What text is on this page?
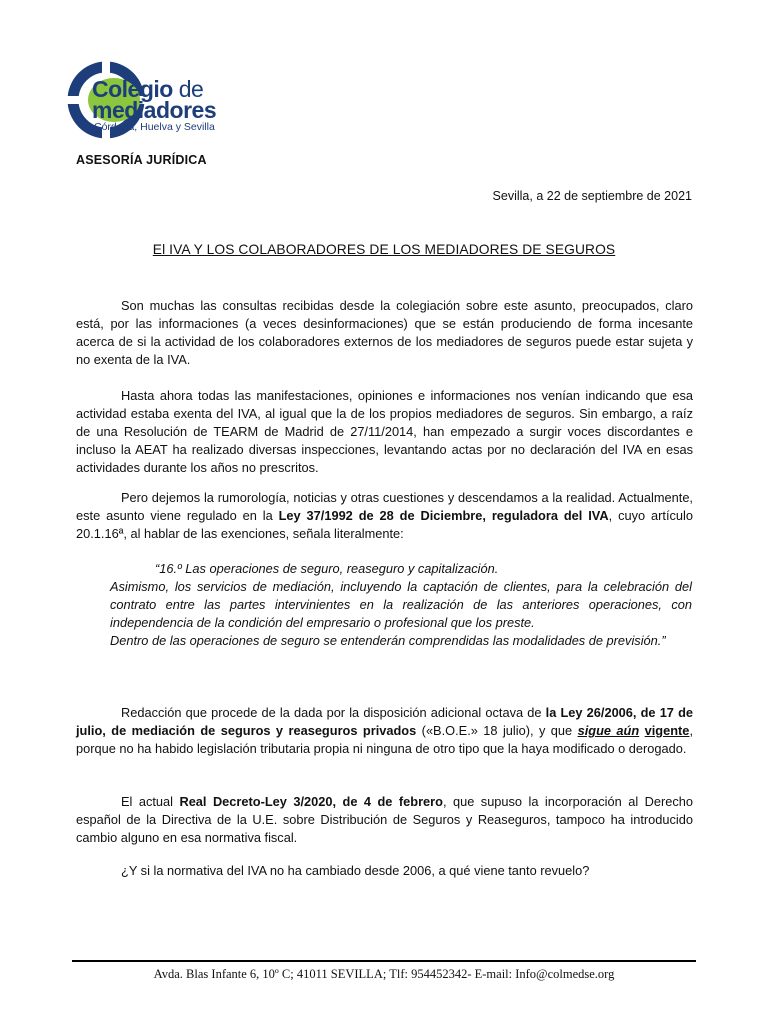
Colegio de
mediadores
Córdoba, Huelva y Sevilla
ASESORÍA JURÍDICA
Sevilla, a 22 de septiembre de 2021
El IVA Y LOS COLABORADORES DE LOS MEDIADORES DE SEGUROS
Son muchas las consultas recibidas desde la colegiación sobre este asunto, preocupados, claro está, por las informaciones (a veces desinformaciones) que se están produciendo de forma incesante acerca de si la actividad de los colaboradores externos de los mediadores de seguros puede estar sujeta y no exenta de la IVA.
Hasta ahora todas las manifestaciones, opiniones e informaciones nos venían indicando que esa actividad estaba exenta del IVA, al igual que la de los propios mediadores de seguros. Sin embargo, a raíz de una Resolución de TEARM de Madrid de 27/11/2014, han empezado a surgir voces discordantes e incluso la AEAT ha realizado diversas inspecciones, levantando actas por no declaración del IVA en esas actividades durante los años no prescritos.
Pero dejemos la rumorología, noticias y otras cuestiones y descendamos a la realidad. Actualmente, este asunto viene regulado en la Ley 37/1992 de 28 de Diciembre, reguladora del IVA, cuyo artículo 20.1.16ª, al hablar de las exenciones, señala literalmente:
“16.º Las operaciones de seguro, reaseguro y capitalización.
Asimismo, los servicios de mediación, incluyendo la captación de clientes, para la celebración del contrato entre las partes intervinientes en la realización de las anteriores operaciones, con independencia de la condición del empresario o profesional que los preste.
Dentro de las operaciones de seguro se entenderán comprendidas las modalidades de previsión.”
Redacción que procede de la dada por la disposición adicional octava de la Ley 26/2006, de 17 de julio, de mediación de seguros y reaseguros privados («B.O.E.» 18 julio), y que sigue aún vigente, porque no ha habido legislación tributaria propia ni ninguna de otro tipo que la haya modificado o derogado.
El actual Real Decreto-Ley 3/2020, de 4 de febrero, que supuso la incorporación al Derecho español de la Directiva de la U.E. sobre Distribución de Seguros y Reaseguros, tampoco ha introducido cambio alguno en esa normativa fiscal.
¿Y si la normativa del IVA no ha cambiado desde 2006, a qué viene tanto revuelo?
Avda. Blas Infante 6, 10º C; 41011 SEVILLA; Tlf: 954452342- E-mail: Info@colmedse.org
